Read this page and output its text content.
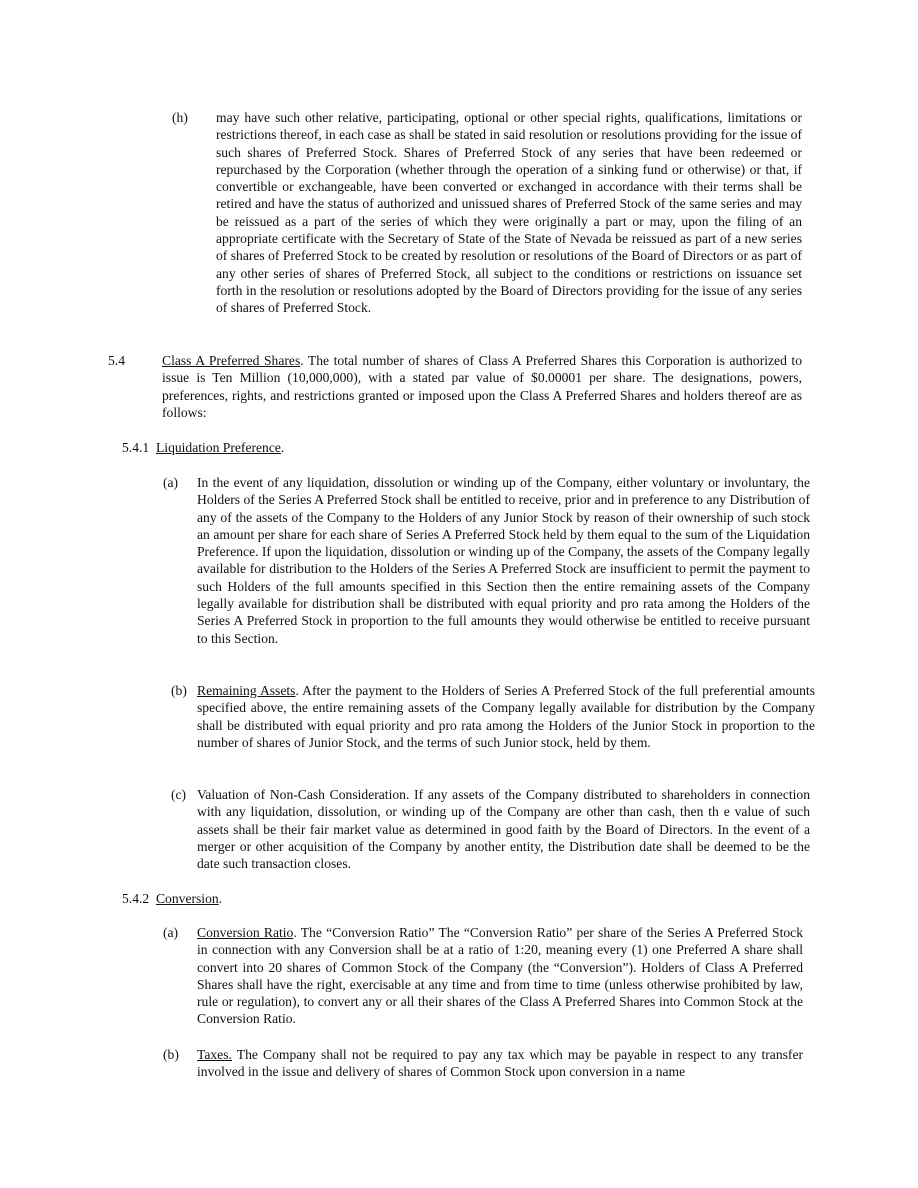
(h) may have such other relative, participating, optional or other special rights, qualifications, limitations or restrictions thereof, in each case as shall be stated in said resolution or resolutions providing for the issue of such shares of Preferred Stock. Shares of Preferred Stock of any series that have been redeemed or repurchased by the Corporation (whether through the operation of a sinking fund or otherwise) or that, if convertible or exchangeable, have been converted or exchanged in accordance with their terms shall be retired and have the status of authorized and unissued shares of Preferred Stock of the same series and may be reissued as a part of the series of which they were originally a part or may, upon the filing of an appropriate certificate with the Secretary of State of the State of Nevada be reissued as part of a new series of shares of Preferred Stock to be created by resolution or resolutions of the Board of Directors or as part of any other series of shares of Preferred Stock, all subject to the conditions or restrictions on issuance set forth in the resolution or resolutions adopted by the Board of Directors providing for the issue of any series of shares of Preferred Stock.
5.4	Class A Preferred Shares. The total number of shares of Class A Preferred Shares this Corporation is authorized to issue is Ten Million (10,000,000), with a stated par value of $0.00001 per share. The designations, powers, preferences, rights, and restrictions granted or imposed upon the Class A Preferred Shares and holders thereof are as follows:
5.4.1 Liquidation Preference.
(a) In the event of any liquidation, dissolution or winding up of the Company, either voluntary or involuntary, the Holders of the Series A Preferred Stock shall be entitled to receive, prior and in preference to any Distribution of any of the assets of the Company to the Holders of any Junior Stock by reason of their ownership of such stock an amount per share for each share of Series A Preferred Stock held by them equal to the sum of the Liquidation Preference. If upon the liquidation, dissolution or winding up of the Company, the assets of the Company legally available for distribution to the Holders of the Series A Preferred Stock are insufficient to permit the payment to such Holders of the full amounts specified in this Section then the entire remaining assets of the Company legally available for distribution shall be distributed with equal priority and pro rata among the Holders of the Series A Preferred Stock in proportion to the full amounts they would otherwise be entitled to receive pursuant to this Section.
(b) Remaining Assets. After the payment to the Holders of Series A Preferred Stock of the full preferential amounts specified above, the entire remaining assets of the Company legally available for distribution by the Company shall be distributed with equal priority and pro rata among the Holders of the Junior Stock in proportion to the number of shares of Junior Stock, and the terms of such Junior stock, held by them.
(c) Valuation of Non-Cash Consideration. If any assets of the Company distributed to shareholders in connection with any liquidation, dissolution, or winding up of the Company are other than cash, then th e value of such assets shall be their fair market value as determined in good faith by the Board of Directors. In the event of a merger or other acquisition of the Company by another entity, the Distribution date shall be deemed to be the date such transaction closes.
5.4.2 Conversion.
(a) Conversion Ratio. The “Conversion Ratio” The “Conversion Ratio” per share of the Series A Preferred Stock in connection with any Conversion shall be at a ratio of 1:20, meaning every (1) one Preferred A share shall convert into 20 shares of Common Stock of the Company (the “Conversion”). Holders of Class A Preferred Shares shall have the right, exercisable at any time and from time to time (unless otherwise prohibited by law, rule or regulation), to convert any or all their shares of the Class A Preferred Shares into Common Stock at the Conversion Ratio.
(b) Taxes. The Company shall not be required to pay any tax which may be payable in respect to any transfer involved in the issue and delivery of shares of Common Stock upon conversion in a name
